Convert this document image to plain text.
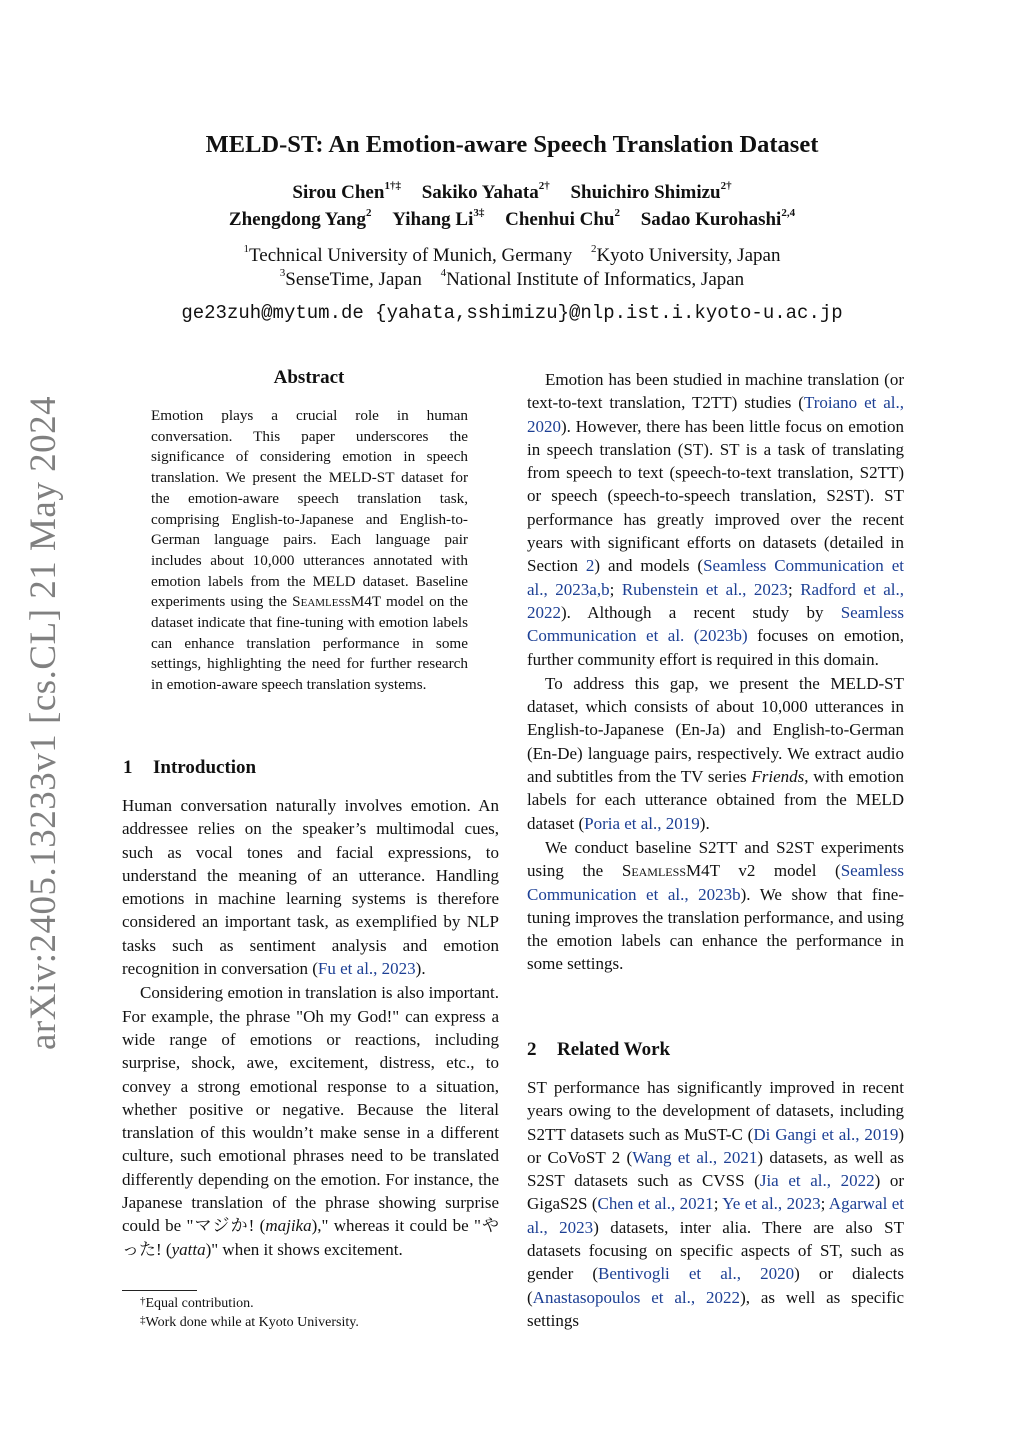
arXiv:2405.13233v1 [cs.CL] 21 May 2024
MELD-ST: An Emotion-aware Speech Translation Dataset
Sirou Chen$^{1\dagger\ddagger}$ Sakiko Yahata$^{2\dagger}$ Shuichiro Shimizu$^{2\dagger}$
Zhengdong Yang$^2$ Yihang $Li^{3\ddagger}$ Chenhui Chu$^2$ Sadao Kurohashi$^{2,4}$
$^1$Technical University of Munich, Germany $^2$Kyoto University, Japan
$^3$SenseTime, Japan $^4$National Institute of Informatics, Japan
ge23zuh@mytum.de {yahata,sshimizu}@nlp.ist.i.kyoto-u.ac.jp
Abstract
Emotion plays a crucial role in human conversation. This paper underscores the significance of considering emotion in speech translation. We present the MELD-ST dataset for the emotion-aware speech translation task, comprising English-to-Japanese and English-to-German language pairs. Each language pair includes about 10,000 utterances annotated with emotion labels from the MELD dataset. Baseline experiments using the SeamlessM4T model on the dataset indicate that fine-tuning with emotion labels can enhance translation performance in some settings, highlighting the need for further research in emotion-aware speech translation systems.
1 Introduction

Human conversation naturally involves emotion. An addressee relies on the speaker’s multimodal cues, such as vocal tones and facial expressions, to understand the meaning of an utterance. Handling emotions in machine learning systems is therefore considered an important task, as exemplified by NLP tasks such as sentiment analysis and emotion recognition in conversation (Fu et al., 2023).

Considering emotion in translation is also important. For example, the phrase "Oh my God!" can express a wide range of emotions or reactions, including surprise, shock, awe, excitement, distress, etc., to convey a strong emotional response to a situation, whether positive or negative. Because the literal translation of this wouldn’t make sense in a different culture, such emotional phrases need to be translated differently depending on the emotion. For instance, the Japanese translation of the phrase showing surprise could be "マジか! (majika)," whereas it could be "やった! (yatta)" when it shows excitement.

†Equal contribution.
‡Work done while at Kyoto University.

Emotion has been studied in machine translation (or text-to-text translation, T2TT) studies (Troiano et al., 2020). However, there has been little focus on emotion in speech translation (ST). ST is a task of translating from speech to text (speech-to-text translation, S2TT) or speech (speech-to-speech translation, S2ST). ST performance has greatly improved over the recent years with significant efforts on datasets (detailed in Section 2) and models (Seamless Communication et al., 2023a,b; Rubenstein et al., 2023; Radford et al., 2022). Although a recent study by Seamless Communication et al. (2023b) focuses on emotion, further community effort is required in this domain.

To address this gap, we present the MELD-ST dataset, which consists of about 10,000 utterances in English-to-Japanese (En-Ja) and English-to-German (En-De) language pairs, respectively. We extract audio and subtitles from the TV series Friends, with emotion labels for each utterance obtained from the MELD dataset (Poria et al., 2019).

We conduct baseline S2TT and S2ST experiments using the SeamlessM4T v2 model (Seamless Communication et al., 2023b). We show that fine-tuning improves the translation performance, and using the emotion labels can enhance the performance in some settings.

2 Related Work

ST performance has significantly improved in recent years owing to the development of datasets, including S2TT datasets such as MuST-C (Di Gangi et al., 2019) or CoVoST 2 (Wang et al., 2021) datasets, as well as S2ST datasets such as CVSS (Jia et al., 2022) or GigaS2S (Chen et al., 2021; Ye et al., 2023; Agarwal et al., 2023) datasets, inter alia. There are also ST datasets focusing on specific aspects of ST, such as gender (Bentivogli et al., 2020) or dialects (Anastasopoulos et al., 2022), as well as specific settings
